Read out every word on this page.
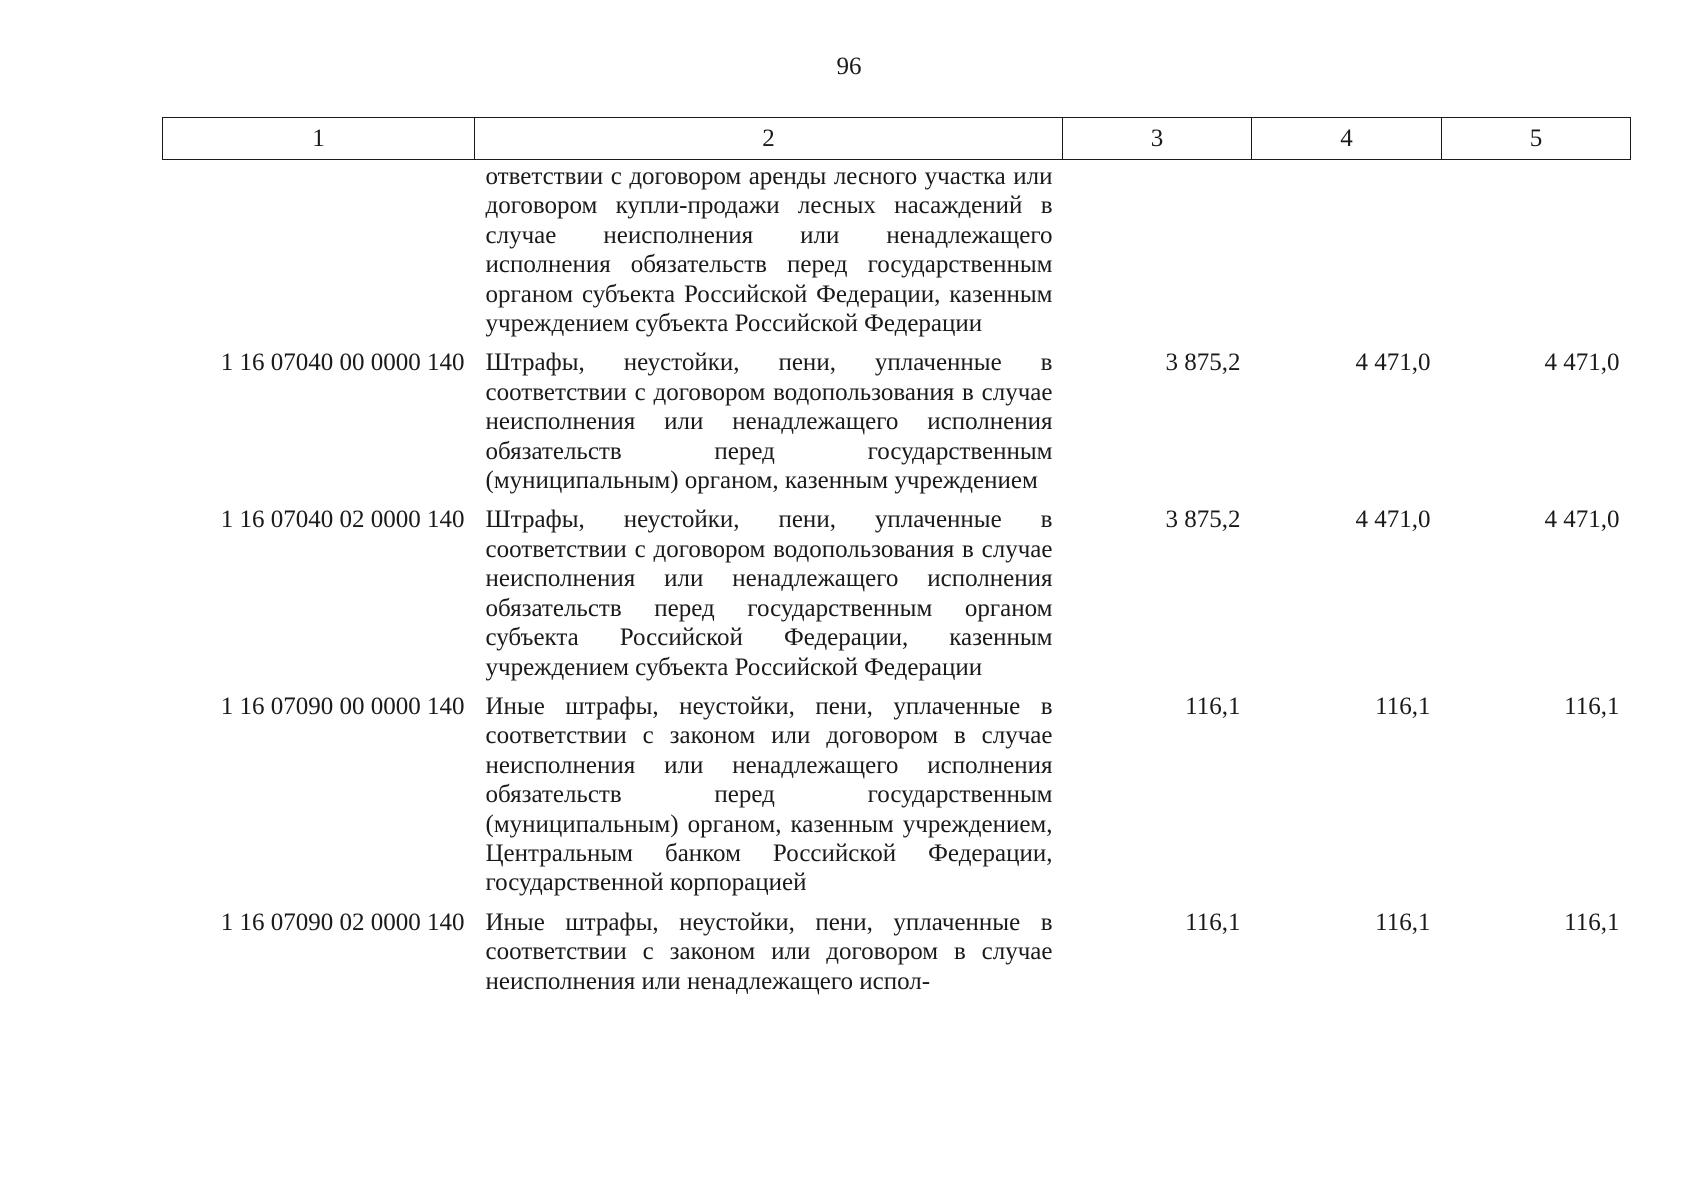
96
1	2	3	4	5
	ответствии с договором аренды лесного участка или договором купли-продажи лесных насаждений в случае неисполнения или ненадлежащего исполнения обязательств перед государственным органом субъекта Российской Федерации, казенным учреждением субъекта Российской Федерации			
1 16 07040 00 0000 140	Штрафы, неустойки, пени, уплаченные в соответствии с договором водопользования в случае неисполнения или ненадлежащего исполнения обязательств перед государственным (муниципальным) органом, казенным учреждением	3 875,2	4 471,0	4 471,0
1 16 07040 02 0000 140	Штрафы, неустойки, пени, уплаченные в соответствии с договором водопользования в случае неисполнения или ненадлежащего исполнения обязательств перед государственным органом субъекта Российской Федерации, казенным учреждением субъекта Российской Федерации	3 875,2	4 471,0	4 471,0
1 16 07090 00 0000 140	Иные штрафы, неустойки, пени, уплаченные в соответствии с законом или договором в случае неисполнения или ненадлежащего исполнения обязательств перед государственным (муниципальным) органом, казенным учреждением, Центральным банком Российской Федерации, государственной корпорацией	116,1	116,1	116,1
1 16 07090 02 0000 140	Иные штрафы, неустойки, пени, уплаченные в соответствии с законом или договором в случае неисполнения или ненадлежащего испол-	116,1	116,1	116,1
